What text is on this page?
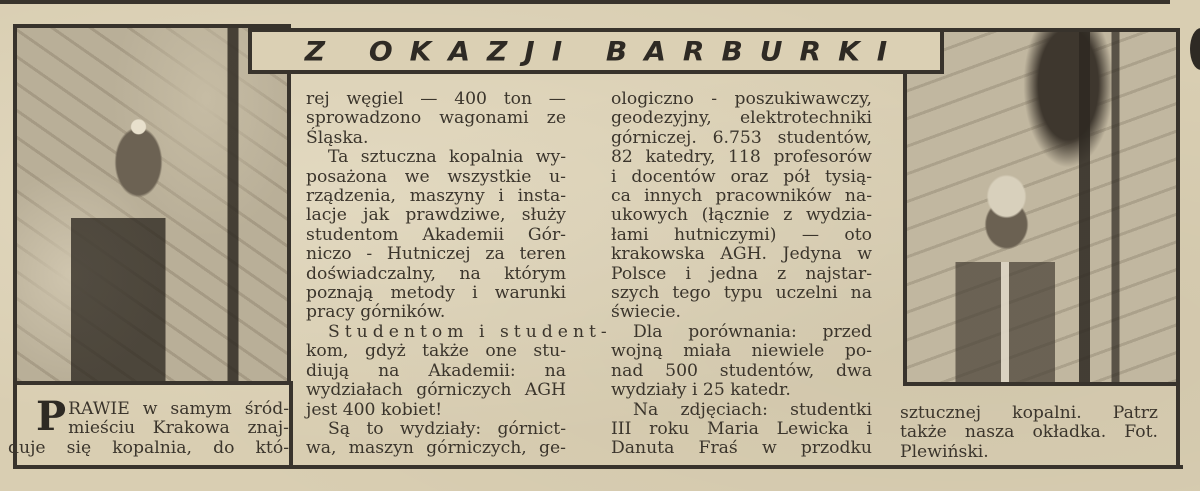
Z OKAZJI BARBURKI
P RAWIE w samym śród-
mieściu Krakowa znaj-
duje się kopalnia, do któ-
rej węgiel — 400 ton —
sprowadzono wagonami ze
Śląska.
Ta sztuczna kopalnia wy-
posażona we wszystkie u-
rządzenia, maszyny i insta-
lacje jak prawdziwe, służy
studentom Akademii Gór-
niczo - Hutniczej za teren
doświadczalny, na którym
poznają metody i warunki
pracy górników.
Studentom i student-
kom, gdyż także one stu-
diują na Akademii: na
wydziałach górniczych AGH
jest 400 kobiet!
Są to wydziały: górnict-
wa, maszyn górniczych, ge-
ologiczno - poszukiwawczy,
geodezyjny, elektrotechniki
górniczej. 6.753 studentów,
82 katedry, 118 profesorów
i docentów oraz pół tysią-
ca innych pracowników na-
ukowych (łącznie z wydzia-
łami hutniczymi) — oto
krakowska AGH. Jedyna w
Polsce i jedna z najstar-
szych tego typu uczelni na
świecie.
Dla porównania: przed
wojną miała niewiele po-
nad 500 studentów, dwa
wydziały i 25 katedr.
Na zdjęciach: studentki
III roku Maria Lewicka i
Danuta Fraś w przodku
sztucznej kopalni. Patrz
także nasza okładka. Fot.
Plewiński.
